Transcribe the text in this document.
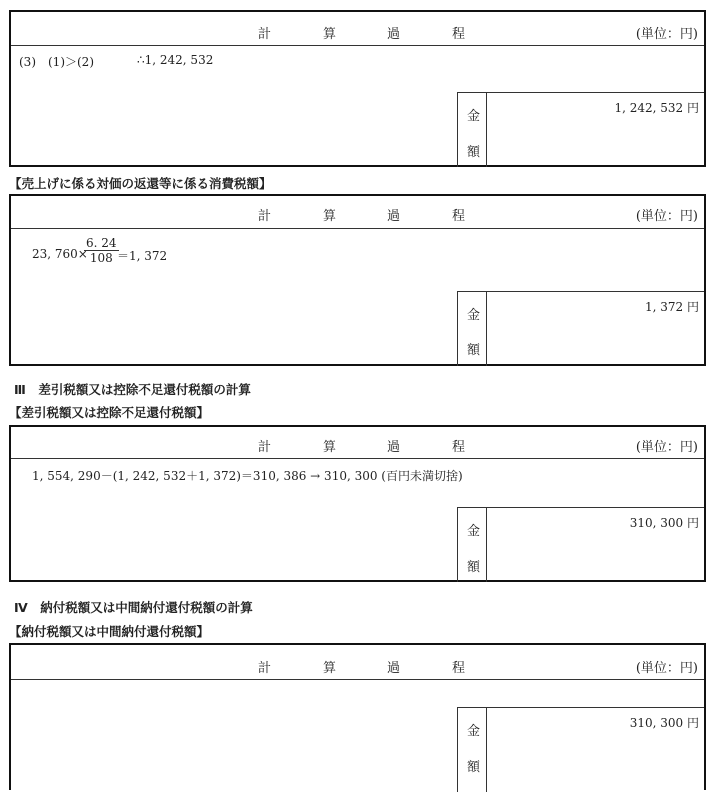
計	算	過	程	(単位：円)
(3)　(1)＞(2)	∴1, 242, 532
金
額
1, 242, 532 円
【売上げに係る対価の返還等に係る消費税額】
計	算	過	程	(単位：円)
23, 760×
$\frac{6. 24}{108}$
＝1, 372
金
額
1, 372 円
Ⅲ　差引税額又は控除不足還付税額の計算
【差引税額又は控除不足還付税額】
計	算	過	程	(単位：円)
1, 554, 290－(1, 242, 532＋1, 372)＝310, 386 → 310, 300 (百円未満切捨)
金
額
310, 300 円
Ⅳ　納付税額又は中間納付還付税額の計算
【納付税額又は中間納付還付税額】
計	算	過	程	(単位：円)
金
額
310, 300 円
